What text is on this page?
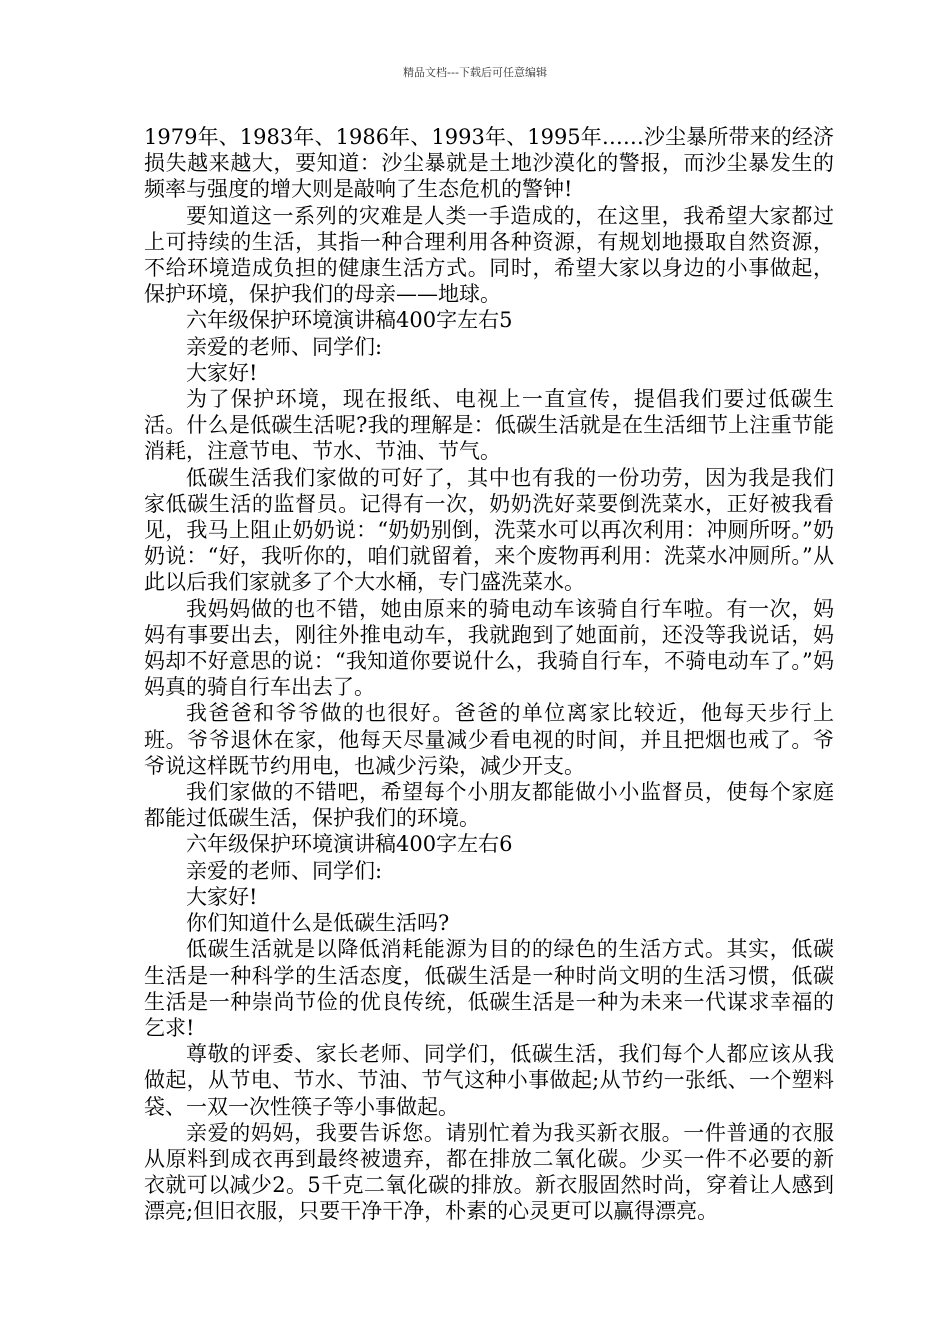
精品文档---下载后可任意编辑

1979年、1983年、1986年、1993年、1995年……沙尘暴所带来的经济损失越来越大，要知道：沙尘暴就是土地沙漠化的警报，而沙尘暴发生的频率与强度的增大则是敲响了生态危机的警钟!

要知道这一系列的灾难是人类一手造成的，在这里，我希望大家都过上可持续的生活，其指一种合理利用各种资源，有规划地摄取自然资源，不给环境造成负担的健康生活方式。同时，希望大家以身边的小事做起，保护环境，保护我们的母亲——地球。

六年级保护环境演讲稿400字左右5

亲爱的老师、同学们:

大家好!

为了保护环境，现在报纸、电视上一直宣传，提倡我们要过低碳生活。什么是低碳生活呢?我的理解是：低碳生活就是在生活细节上注重节能消耗，注意节电、节水、节油、节气。

低碳生活我们家做的可好了，其中也有我的一份功劳，因为我是我们家低碳生活的监督员。记得有一次，奶奶洗好菜要倒洗菜水，正好被我看见，我马上阻止奶奶说：“奶奶别倒，洗菜水可以再次利用：冲厕所呀。”奶奶说：“好，我听你的，咱们就留着，来个废物再利用：洗菜水冲厕所。”从此以后我们家就多了个大水桶，专门盛洗菜水。

我妈妈做的也不错，她由原来的骑电动车该骑自行车啦。有一次，妈妈有事要出去，刚往外推电动车，我就跑到了她面前，还没等我说话，妈妈却不好意思的说：“我知道你要说什么，我骑自行车，不骑电动车了。”妈妈真的骑自行车出去了。

我爸爸和爷爷做的也很好。爸爸的单位离家比较近，他每天步行上班。爷爷退休在家，他每天尽量减少看电视的时间，并且把烟也戒了。爷爷说这样既节约用电，也减少污染，减少开支。

我们家做的不错吧，希望每个小朋友都能做小小监督员，使每个家庭都能过低碳生活，保护我们的环境。

六年级保护环境演讲稿400字左右6

亲爱的老师、同学们:

大家好!

你们知道什么是低碳生活吗?

低碳生活就是以降低消耗能源为目的的绿色的生活方式。其实，低碳生活是一种科学的生活态度，低碳生活是一种时尚文明的生活习惯，低碳生活是一种崇尚节俭的优良传统，低碳生活是一种为未来一代谋求幸福的乞求!

尊敬的评委、家长老师、同学们，低碳生活，我们每个人都应该从我做起，从节电、节水、节油、节气这种小事做起;从节约一张纸、一个塑料袋、一双一次性筷子等小事做起。

亲爱的妈妈，我要告诉您。请别忙着为我买新衣服。一件普通的衣服从原料到成衣再到最终被遗弃，都在排放二氧化碳。少买一件不必要的新衣就可以减少2。5千克二氧化碳的排放。新衣服固然时尚，穿着让人感到漂亮;但旧衣服，只要干净干净，朴素的心灵更可以赢得漂亮。
